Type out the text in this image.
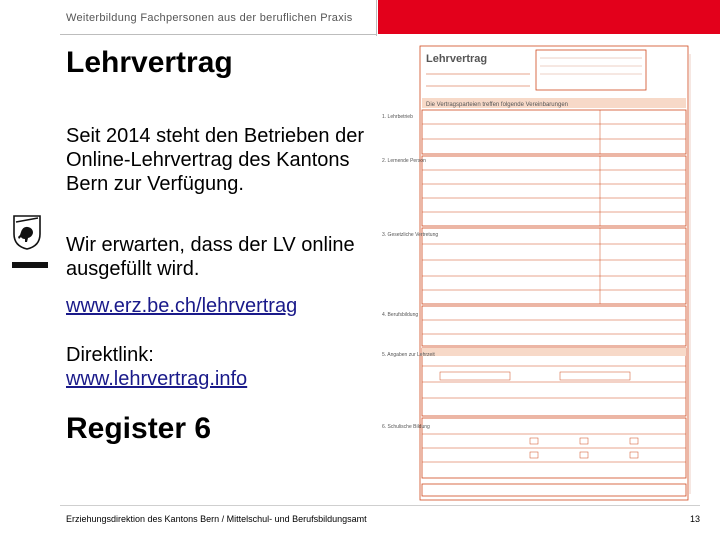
Weiterbildung Fachpersonen aus der beruflichen Praxis
Lehrvertrag
Seit 2014 steht den Betrieben der Online-Lehrvertrag des Kantons Bern zur Verfügung.
Wir erwarten, dass der LV online ausgefüllt wird.
www.erz.be.ch/lehrvertrag
Direktlink:
www.lehrvertrag.info
Register 6
Lehrvertrag
Die Vertragsparteien treffen folgende Vereinbarungen
1. Lehrbetrieb
2. Lernende Person
3. Gesetzliche Vertretung
4. Berufsbildung
5. Angaben zur Lehrzeit
6. Schulische Bildung
Erziehungsdirektion des Kantons Bern / Mittelschul- und Berufsbildungsamt	13
